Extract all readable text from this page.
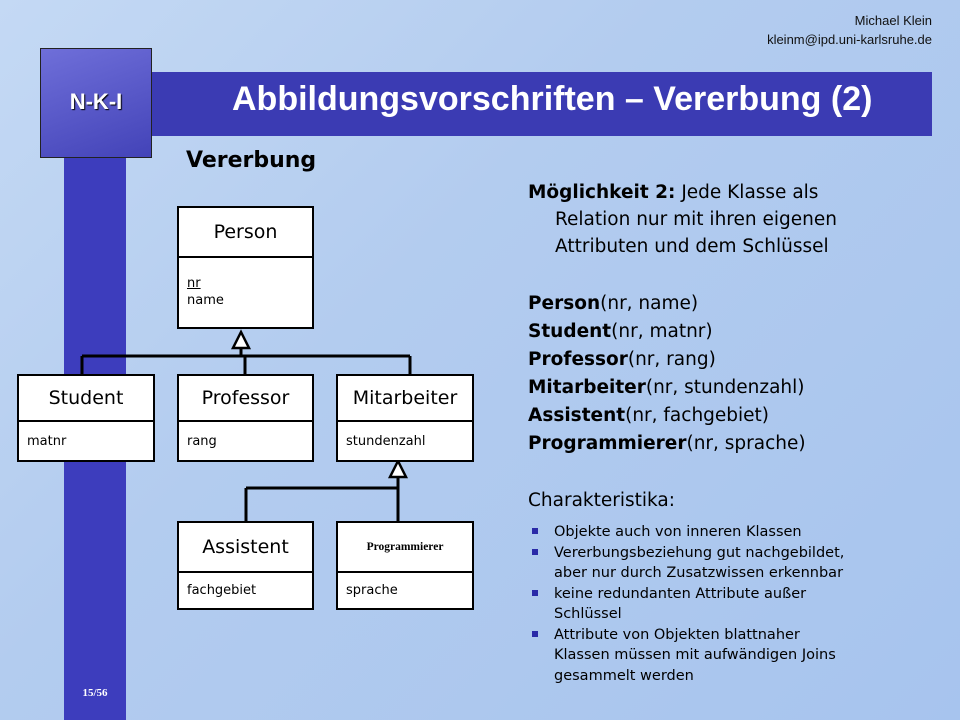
N-K-I	Abbildungsvorschriften – Vererbung (2)
Michael Klein
kleinm@ipd.uni-karlsruhe.de
15/56
Vererbung
Person
nr
name
Student
matnr
Professor
rang
Mitarbeiter
stundenzahl
Assistent
fachgebiet
Programmierer
sprache
Möglichkeit 2: Jede Klasse als
Relation nur mit ihren eigenen
Attributen und dem Schlüssel
Person(nr, name)
Student(nr, matnr)
Professor(nr, rang)
Mitarbeiter(nr, stundenzahl)
Assistent(nr, fachgebiet)
Programmierer(nr, sprache)
Charakteristika:
Objekte auch von inneren Klassen
Vererbungsbeziehung gut nachgebildet,
aber nur durch Zusatzwissen erkennbar
keine redundanten Attribute außer
Schlüssel
Attribute von Objekten blattnaher
Klassen müssen mit aufwändigen Joins
gesammelt werden
